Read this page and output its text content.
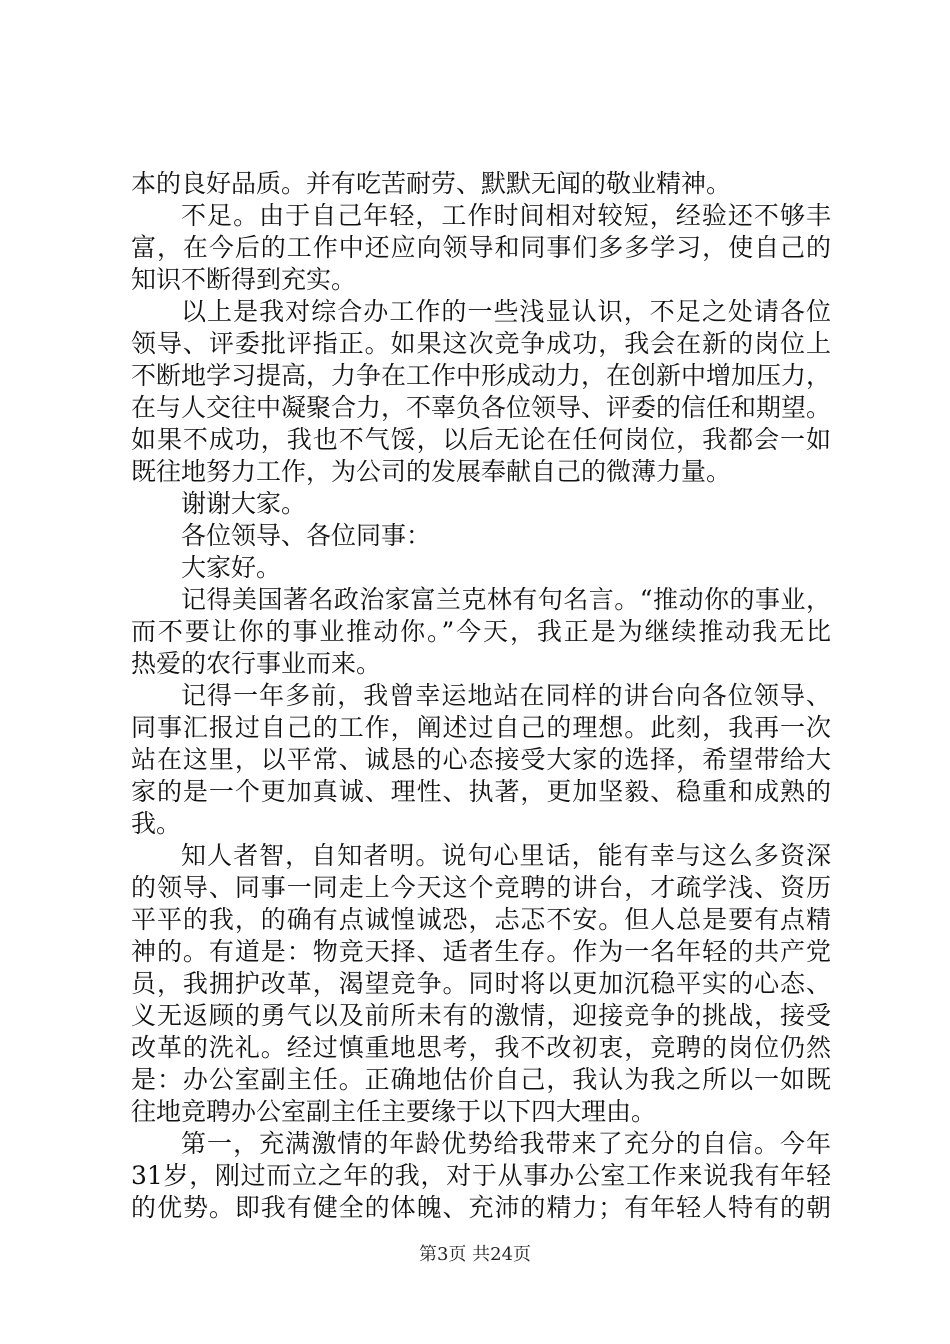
本的良好品质。并有吃苦耐劳、默默无闻的敬业精神。
不足。由于自己年轻，工作时间相对较短，经验还不够丰
富，在今后的工作中还应向领导和同事们多多学习，使自己的
知识不断得到充实。
以上是我对综合办工作的一些浅显认识，不足之处请各位
领导、评委批评指正。如果这次竞争成功，我会在新的岗位上
不断地学习提高，力争在工作中形成动力，在创新中增加压力，
在与人交往中凝聚合力，不辜负各位领导、评委的信任和期望。
如果不成功，我也不气馁，以后无论在任何岗位，我都会一如
既往地努力工作，为公司的发展奉献自己的微薄力量。
谢谢大家。
各位领导、各位同事：
大家好。
记得美国著名政治家富兰克林有句名言。“推动你的事业，
而不要让你的事业推动你。”今天，我正是为继续推动我无比
热爱的农行事业而来。
记得一年多前，我曾幸运地站在同样的讲台向各位领导、
同事汇报过自己的工作，阐述过自己的理想。此刻，我再一次
站在这里，以平常、诚恳的心态接受大家的选择，希望带给大
家的是一个更加真诚、理性、执著，更加坚毅、稳重和成熟的
我。
知人者智，自知者明。说句心里话，能有幸与这么多资深
的领导、同事一同走上今天这个竞聘的讲台，才疏学浅、资历
平平的我，的确有点诚惶诚恐，忐忑不安。但人总是要有点精
神的。有道是：物竞天择、适者生存。作为一名年轻的共产党
员，我拥护改革，渴望竞争。同时将以更加沉稳平实的心态、
义无返顾的勇气以及前所未有的激情，迎接竞争的挑战，接受
改革的洗礼。经过慎重地思考，我不改初衷，竞聘的岗位仍然
是：办公室副主任。正确地估价自己，我认为我之所以一如既
往地竞聘办公室副主任主要缘于以下四大理由。
第一，充满激情的年龄优势给我带来了充分的自信。今年
31岁，刚过而立之年的我，对于从事办公室工作来说我有年轻
的优势。即我有健全的体魄、充沛的精力；有年轻人特有的朝
第3页 共24页
